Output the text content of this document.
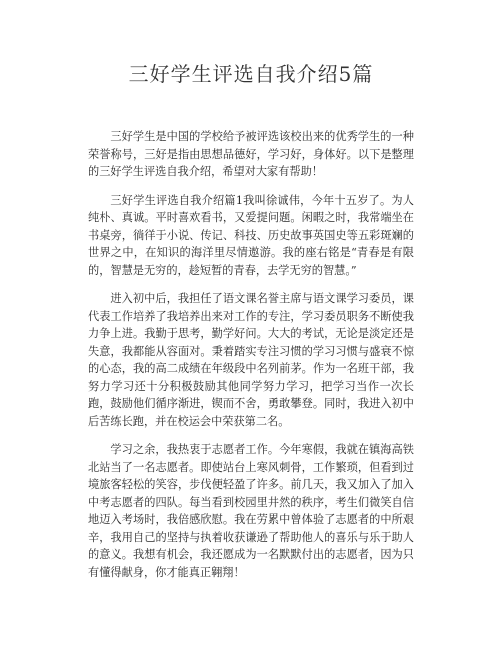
三好学生评选自我介绍5篇

三好学生是中国的学校给予被评选该校出来的优秀学生的一种荣誉称号，三好是指由思想品德好，学习好，身体好。以下是整理的三好学生评选自我介绍，希望对大家有帮助！

三好学生评选自我介绍篇1我叫徐诚伟，今年十五岁了。为人纯朴、真诚。平时喜欢看书，又爱提问题。闲暇之时，我常端坐在书桌旁，徜徉于小说、传记、科技、历史故事英国史等五彩斑斓的世界之中，在知识的海洋里尽情遨游。我的座右铭是“青春是有限的，智慧是无穷的，趁短暂的青春，去学无穷的智慧。”

进入初中后，我担任了语文课名誉主席与语文课学习委员，课代表工作培养了我培养出来对工作的专注，学习委员职务不断使我力争上进。我勤于思考，勤学好问。大大的考试，无论是淡定还是失意，我都能从容面对。秉着踏实专注习惯的学习习惯与盛衰不惊的心态，我的高二成绩在年级段中名列前茅。作为一名班干部，我努力学习还十分积极鼓励其他同学努力学习，把学习当作一次长跑，鼓励他们循序渐进，锲而不舍，勇敢攀登。同时，我进入初中后苦练长跑，并在校运会中荣获第二名。

学习之余，我热衷于志愿者工作。今年寒假，我就在镇海高铁北站当了一名志愿者。即使站台上寒风刺骨，工作繁琐，但看到过境旅客轻松的笑容，步伐便轻盈了许多。前几天，我又加入了加入中考志愿者的四队。每当看到校园里井然的秩序，考生们微笑自信地迈入考场时，我倍感欣慰。我在劳累中曾体验了志愿者的中所艰辛，我用自己的坚持与执着收获谦逊了帮助他人的喜乐与乐于助人的意义。我想有机会，我还愿成为一名默默付出的志愿者，因为只有懂得献身，你才能真正翱翔！
